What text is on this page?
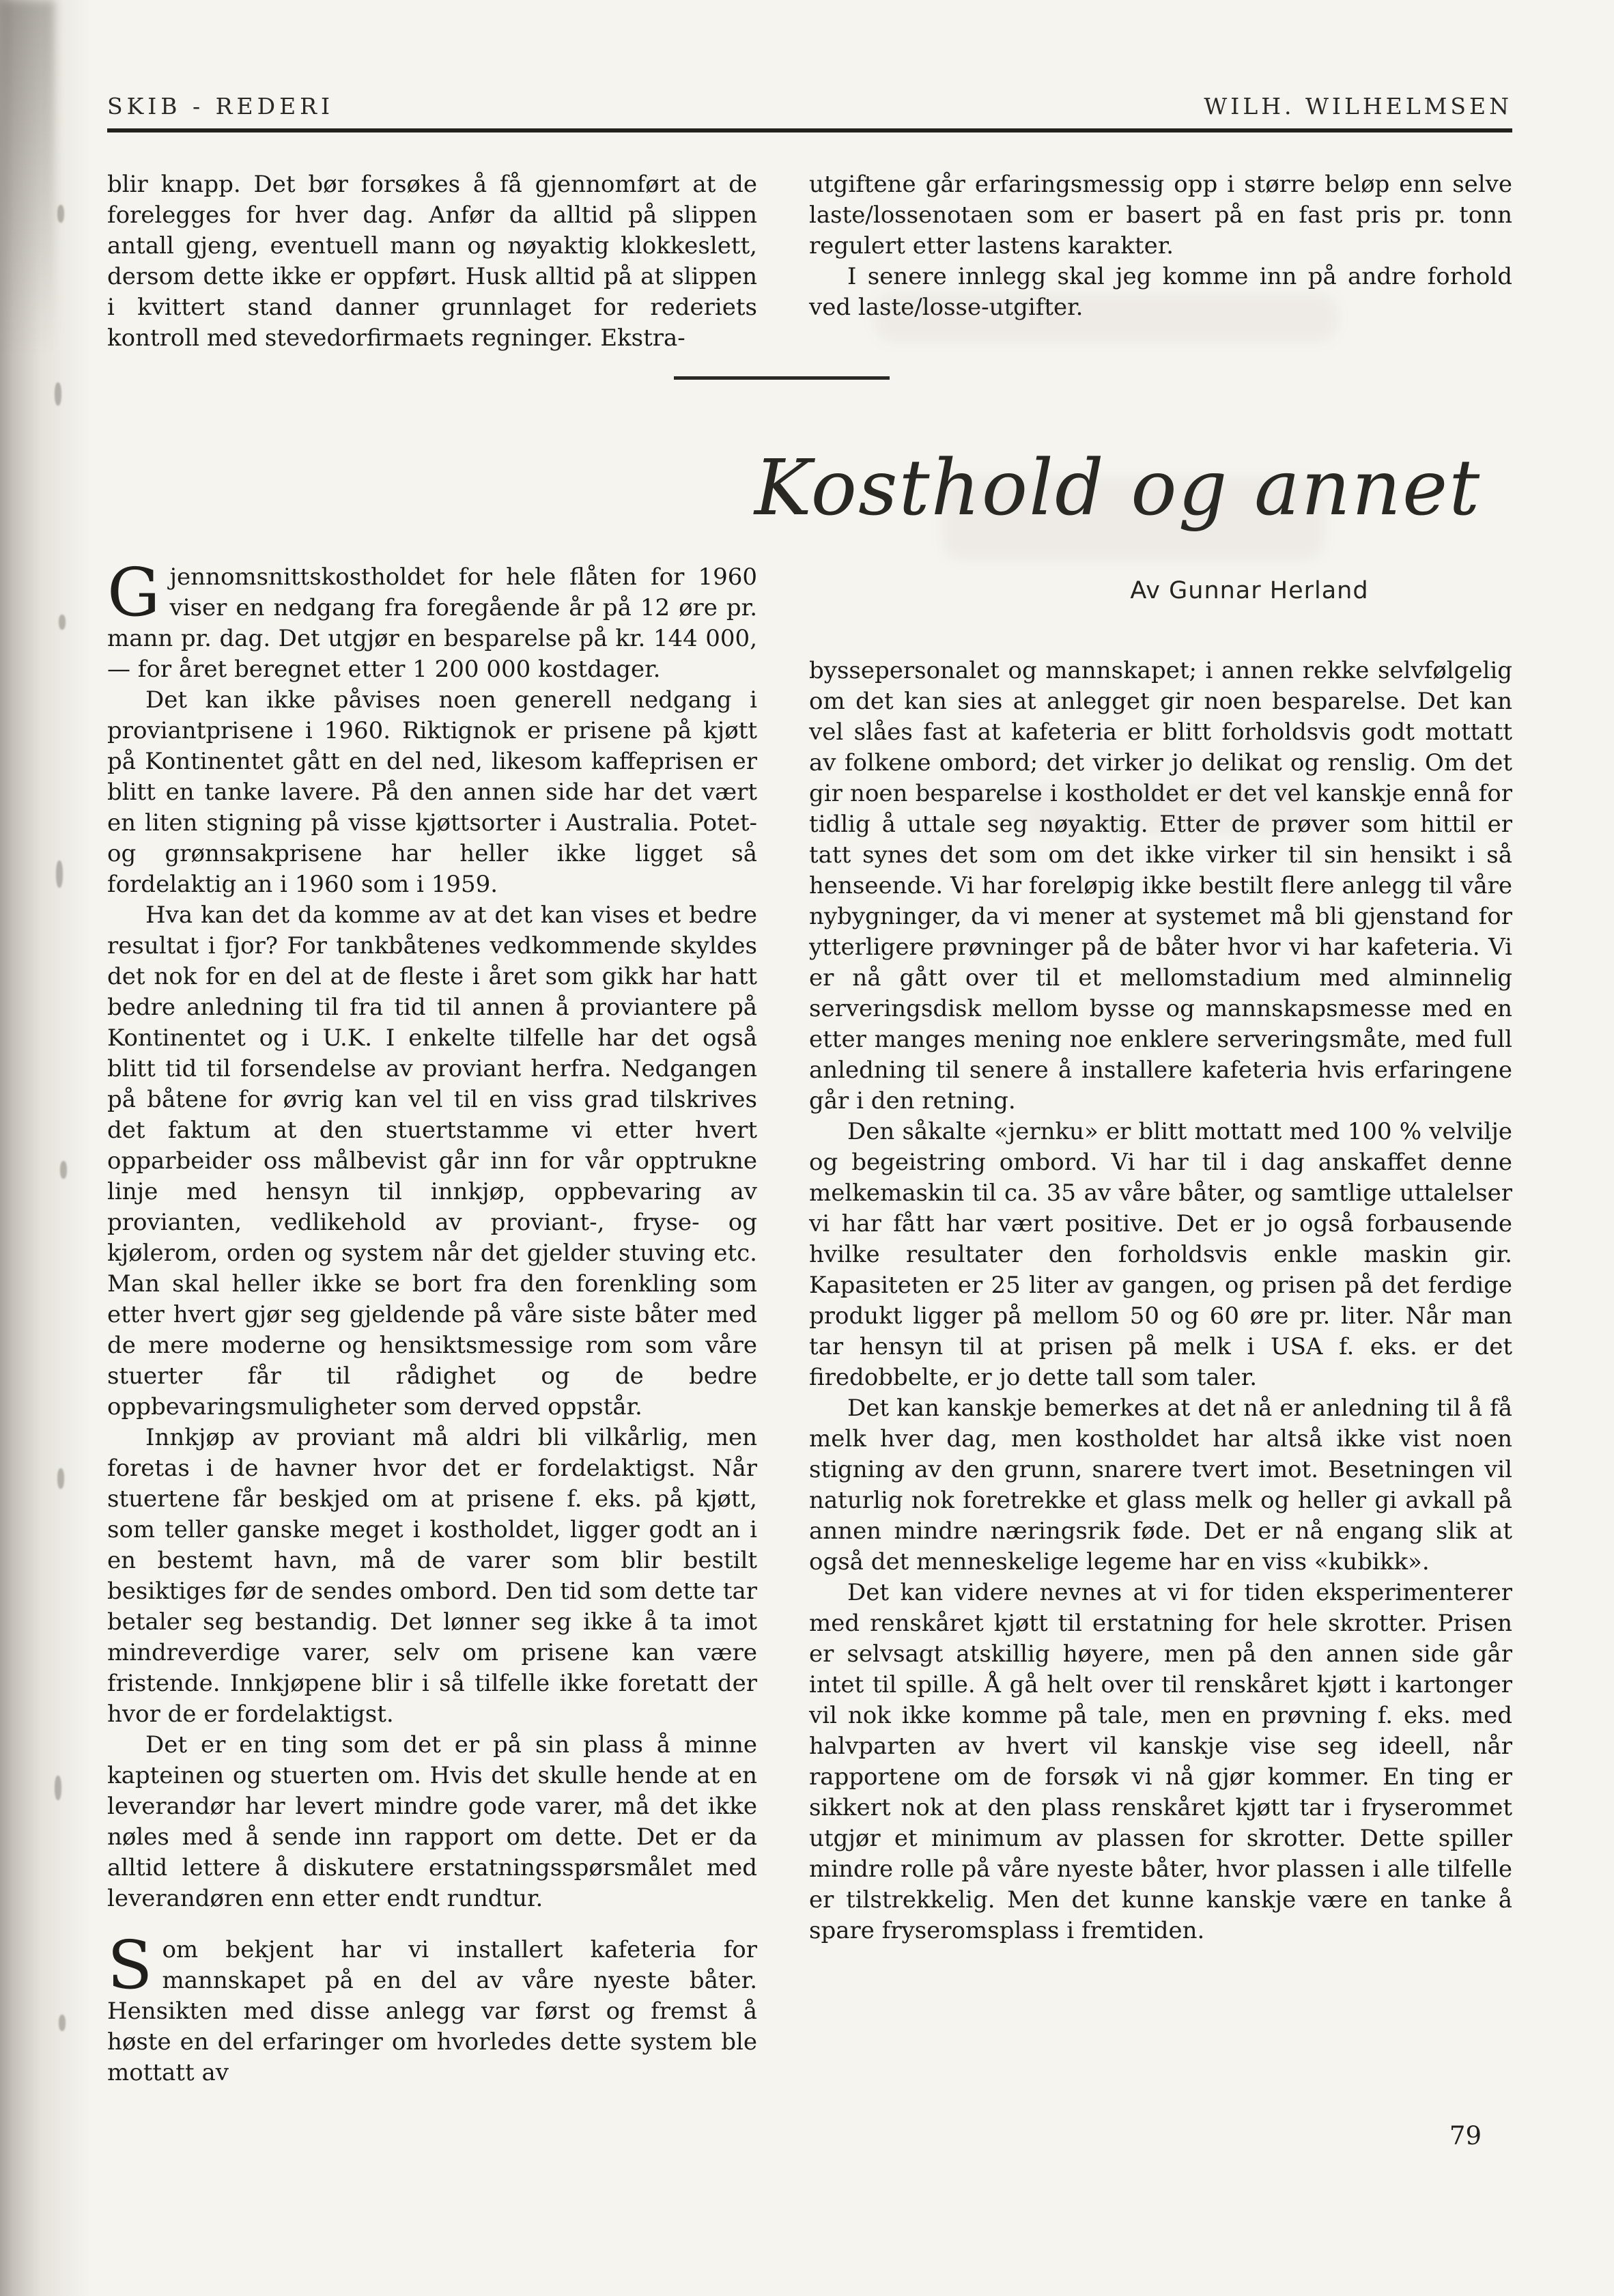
SKIB - REDERI	WILH. WILHELMSEN

blir knapp. Det bør forsøkes å få gjennomført at de forelegges for hver dag. Anfør da alltid på slippen antall gjeng, eventuell mann og nøyaktig klokkeslett, dersom dette ikke er oppført. Husk alltid på at slippen i kvittert stand danner grunnlaget for rederiets kontroll med stevedorfirmaets regninger. Ekstra-

Kosthold og annet
Av Gunnar Herland

Gjennomsnittskostholdet for hele flåten for 1960 viser en nedgang fra foregående år på 12 øre pr. mann pr. dag. Det utgjør en besparelse på kr. 144 000,— for året beregnet etter 1 200 000 kostdager.

Det kan ikke påvises noen generell nedgang i proviantprisene i 1960. Riktignok er prisene på kjøtt på Kontinentet gått en del ned, likesom kaffeprisen er blitt en tanke lavere. På den annen side har det vært en liten stigning på visse kjøttsorter i Australia. Potet- og grønnsakprisene har heller ikke ligget så fordelaktig an i 1960 som i 1959.

Hva kan det da komme av at det kan vises et bedre resultat i fjor? For tankbåtenes vedkommende skyldes det nok for en del at de fleste i året som gikk har hatt bedre anledning til fra tid til annen å proviantere på Kontinentet og i U.K. I enkelte tilfelle har det også blitt tid til forsendelse av proviant herfra. Nedgangen på båtene for øvrig kan vel til en viss grad tilskrives det faktum at den stuertstamme vi etter hvert opparbeider oss målbevist går inn for vår opptrukne linje med hensyn til innkjøp, oppbevaring av provianten, vedlikehold av proviant-, fryse- og kjølerom, orden og system når det gjelder stuving etc. Man skal heller ikke se bort fra den forenkling som etter hvert gjør seg gjeldende på våre siste båter med de mere moderne og hensiktsmessige rom som våre stuerter får til rådighet og de bedre oppbevaringsmuligheter som derved oppstår.

Innkjøp av proviant må aldri bli vilkårlig, men foretas i de havner hvor det er fordelaktigst. Når stuertene får beskjed om at prisene f. eks. på kjøtt, som teller ganske meget i kostholdet, ligger godt an i en bestemt havn, må de varer som blir bestilt besiktiges før de sendes ombord. Den tid som dette tar betaler seg bestandig. Det lønner seg ikke å ta imot mindreverdige varer, selv om prisene kan være fristende. Innkjøpene blir i så tilfelle ikke foretatt der hvor de er fordelaktigst.

Det er en ting som det er på sin plass å minne kapteinen og stuerten om. Hvis det skulle hende at en leverandør har levert mindre gode varer, må det ikke nøles med å sende inn rapport om dette. Det er da alltid lettere å diskutere erstatningsspørsmålet med leverandøren enn etter endt rundtur.

Som bekjent har vi installert kafeteria for mannskapet på en del av våre nyeste båter. Hensikten med disse anlegg var først og fremst å høste en del erfaringer om hvorledes dette system ble mottatt av

utgiftene går erfaringsmessig opp i større beløp enn selve laste/lossenotaen som er basert på en fast pris pr. tonn regulert etter lastens karakter.

I senere innlegg skal jeg komme inn på andre forhold ved laste/losse-utgifter.

byssepersonalet og mannskapet; i annen rekke selvfølgelig om det kan sies at anlegget gir noen besparelse. Det kan vel slåes fast at kafeteria er blitt forholdsvis godt mottatt av folkene ombord; det virker jo delikat og renslig. Om det gir noen besparelse i kostholdet er det vel kanskje ennå for tidlig å uttale seg nøyaktig. Etter de prøver som hittil er tatt synes det som om det ikke virker til sin hensikt i så henseende. Vi har foreløpig ikke bestilt flere anlegg til våre nybygninger, da vi mener at systemet må bli gjenstand for ytterligere prøvninger på de båter hvor vi har kafeteria. Vi er nå gått over til et mellomstadium med alminnelig serveringsdisk mellom bysse og mannskapsmesse med en etter manges mening noe enklere serveringsmåte, med full anledning til senere å installere kafeteria hvis erfaringene går i den retning.

Den såkalte «jernku» er blitt mottatt med 100 % velvilje og begeistring ombord. Vi har til i dag anskaffet denne melkemaskin til ca. 35 av våre båter, og samtlige uttalelser vi har fått har vært positive. Det er jo også forbausende hvilke resultater den forholdsvis enkle maskin gir. Kapasiteten er 25 liter av gangen, og prisen på det ferdige produkt ligger på mellom 50 og 60 øre pr. liter. Når man tar hensyn til at prisen på melk i USA f. eks. er det firedobbelte, er jo dette tall som taler.

Det kan kanskje bemerkes at det nå er anledning til å få melk hver dag, men kostholdet har altså ikke vist noen stigning av den grunn, snarere tvert imot. Besetningen vil naturlig nok foretrekke et glass melk og heller gi avkall på annen mindre næringsrik føde. Det er nå engang slik at også det menneskelige legeme har en viss «kubikk».

Det kan videre nevnes at vi for tiden eksperimenterer med renskåret kjøtt til erstatning for hele skrotter. Prisen er selvsagt atskillig høyere, men på den annen side går intet til spille. Å gå helt over til renskåret kjøtt i kartonger vil nok ikke komme på tale, men en prøvning f. eks. med halvparten av hvert vil kanskje vise seg ideell, når rapportene om de forsøk vi nå gjør kommer. En ting er sikkert nok at den plass renskåret kjøtt tar i fryserommet utgjør et minimum av plassen for skrotter. Dette spiller mindre rolle på våre nyeste båter, hvor plassen i alle tilfelle er tilstrekkelig. Men det kunne kanskje være en tanke å spare fryseromsplass i fremtiden.

79
